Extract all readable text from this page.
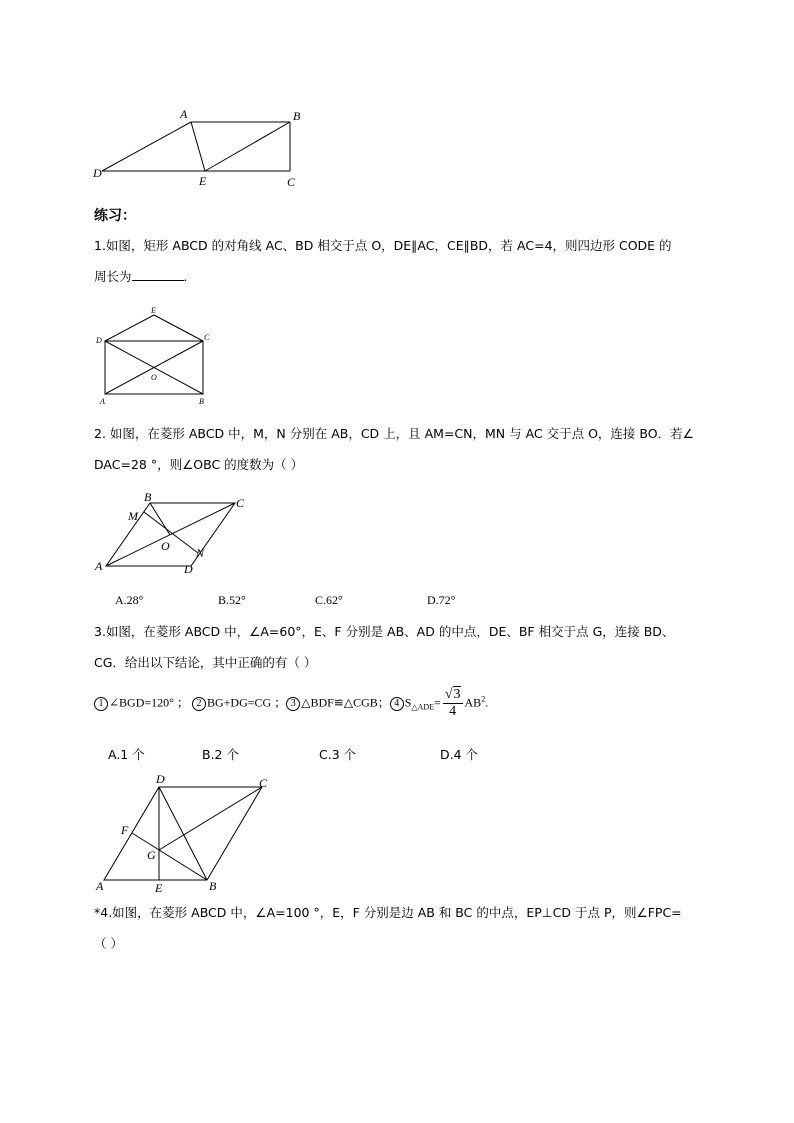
A	B
C
D
E
练习：
1.如图，矩形 ABCD 的对角线 AC、BD 相交于点 O，DE∥AC，CE∥BD，若 AC=4，则四边形 CODE 的
周长为	．
E
D	C
O
A	B
2. 如图，在菱形 ABCD 中，M，N 分别在 AB，CD 上，且 AM=CN，MN 与 AC 交于点 O，连接 BO．若∠
DAC=28 °，则∠OBC 的度数为（ ）
B	C
M
O N
A	D
A.28°	B.52°	C.62°	D.72°
3.如图，在菱形 ABCD 中，∠A=60°，E、F 分别是 AB、AD 的中点，DE、BF 相交于点 G，连接 BD、
CG．给出以下结论，其中正确的有（ ）
1 ∠BGD=120° ； 2 BG+DG=CG ； 3 △BDF≌△CGB； 4 $S_{\triangle ADE}= \frac{√3}{4} AB^2$.
A.1 个	B.2 个	C.3 个	D.4 个
D	C
F
G
A	E	B
*4.如图，在菱形 ABCD 中，∠A=100 °，E，F 分别是边 AB 和 BC 的中点，EP⊥CD 于点 P，则∠FPC=
（ ）
